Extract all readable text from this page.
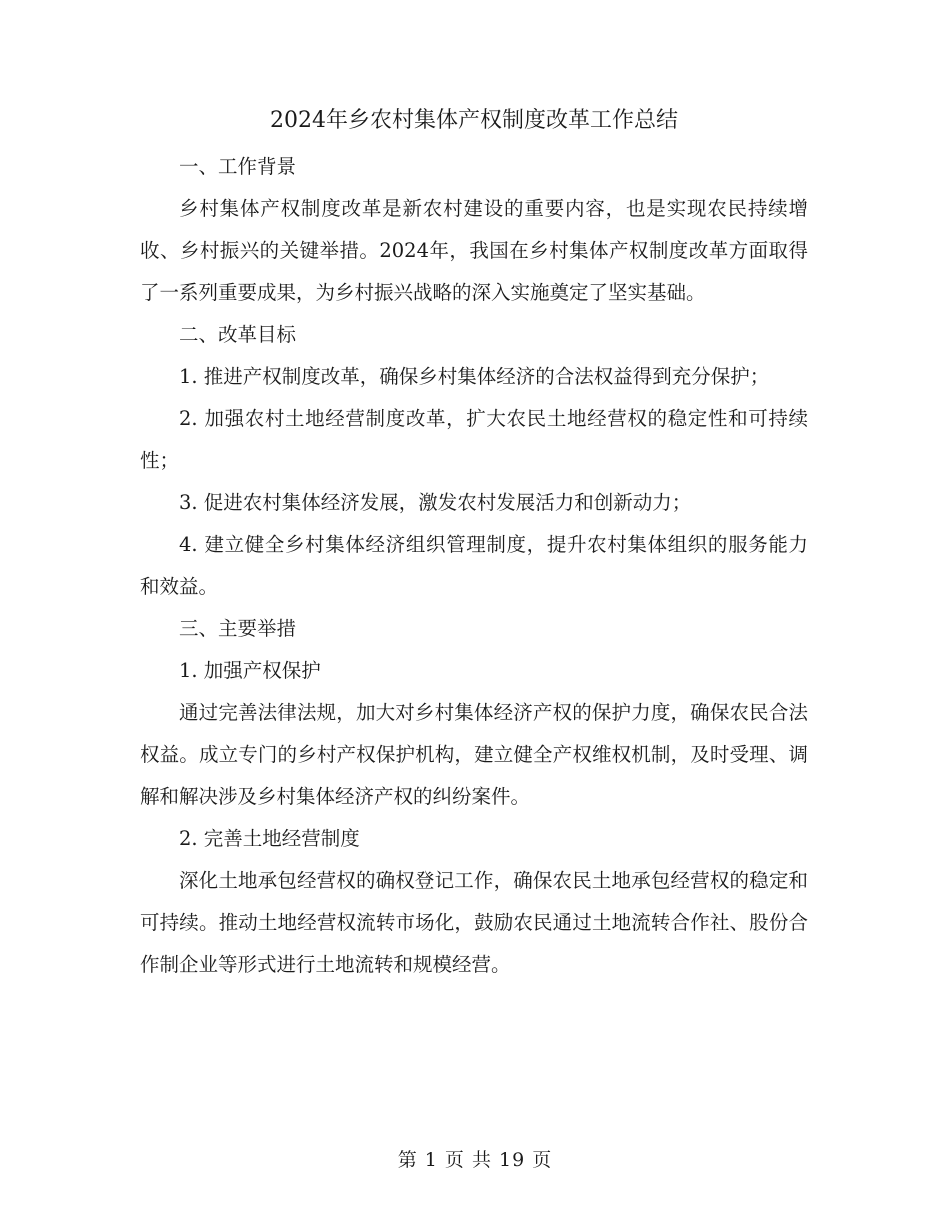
2024年乡农村集体产权制度改革工作总结

一、工作背景

乡村集体产权制度改革是新农村建设的重要内容，也是实现农民持续增收、乡村振兴的关键举措。2024年，我国在乡村集体产权制度改革方面取得了一系列重要成果，为乡村振兴战略的深入实施奠定了坚实基础。

二、改革目标

1. 推进产权制度改革，确保乡村集体经济的合法权益得到充分保护；

2. 加强农村土地经营制度改革，扩大农民土地经营权的稳定性和可持续性；

3. 促进农村集体经济发展，激发农村发展活力和创新动力；

4. 建立健全乡村集体经济组织管理制度，提升农村集体组织的服务能力和效益。

三、主要举措

1. 加强产权保护

通过完善法律法规，加大对乡村集体经济产权的保护力度，确保农民合法权益。成立专门的乡村产权保护机构，建立健全产权维权机制，及时受理、调解和解决涉及乡村集体经济产权的纠纷案件。

2. 完善土地经营制度

深化土地承包经营权的确权登记工作，确保农民土地承包经营权的稳定和可持续。推动土地经营权流转市场化，鼓励农民通过土地流转合作社、股份合作制企业等形式进行土地流转和规模经营。

第 1 页 共 19 页
